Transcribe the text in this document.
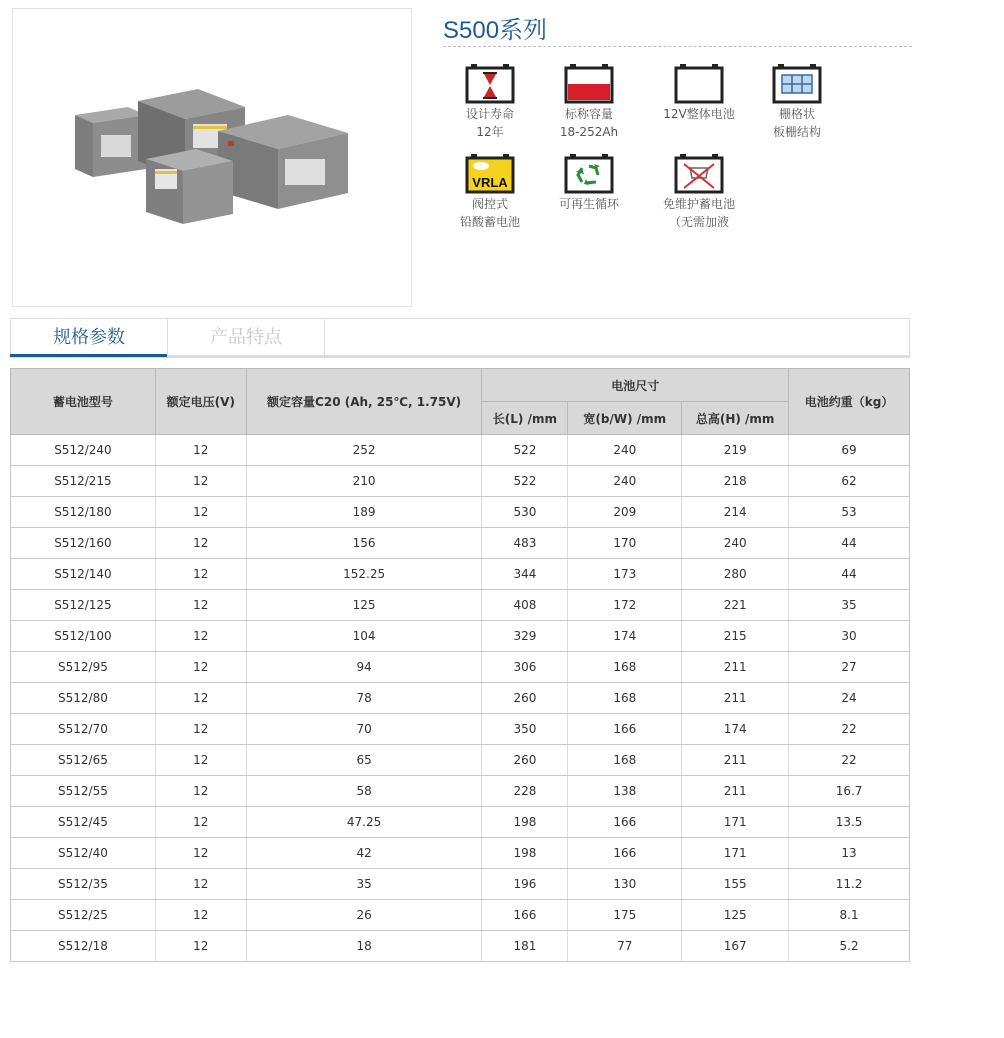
S500系列
设计寿命
12年
标称容量
18-252Ah
12V整体电池	栅格状
板栅结构
VRLA
阀控式
铅酸蓄电池
可再生循环	免维护蓄电池
（无需加液
规格参数	产品特点
蓄电池型号	额定电压(V)	额定容量C20 (Ah, 25℃, 1.75V)	电池尺寸			电池约重（kg）
			长(L) /mm	宽(b/W) /mm	总高(H) /mm	
S512/240	12	252	522	240	219	69
S512/215	12	210	522	240	218	62
S512/180	12	189	530	209	214	53
S512/160	12	156	483	170	240	44
S512/140	12	152.25	344	173	280	44
S512/125	12	125	408	172	221	35
S512/100	12	104	329	174	215	30
S512/95	12	94	306	168	211	27
S512/80	12	78	260	168	211	24
S512/70	12	70	350	166	174	22
S512/65	12	65	260	168	211	22
S512/55	12	58	228	138	211	16.7
S512/45	12	47.25	198	166	171	13.5
S512/40	12	42	198	166	171	13
S512/35	12	35	196	130	155	11.2
S512/25	12	26	166	175	125	8.1
S512/18	12	18	181	77	167	5.2
